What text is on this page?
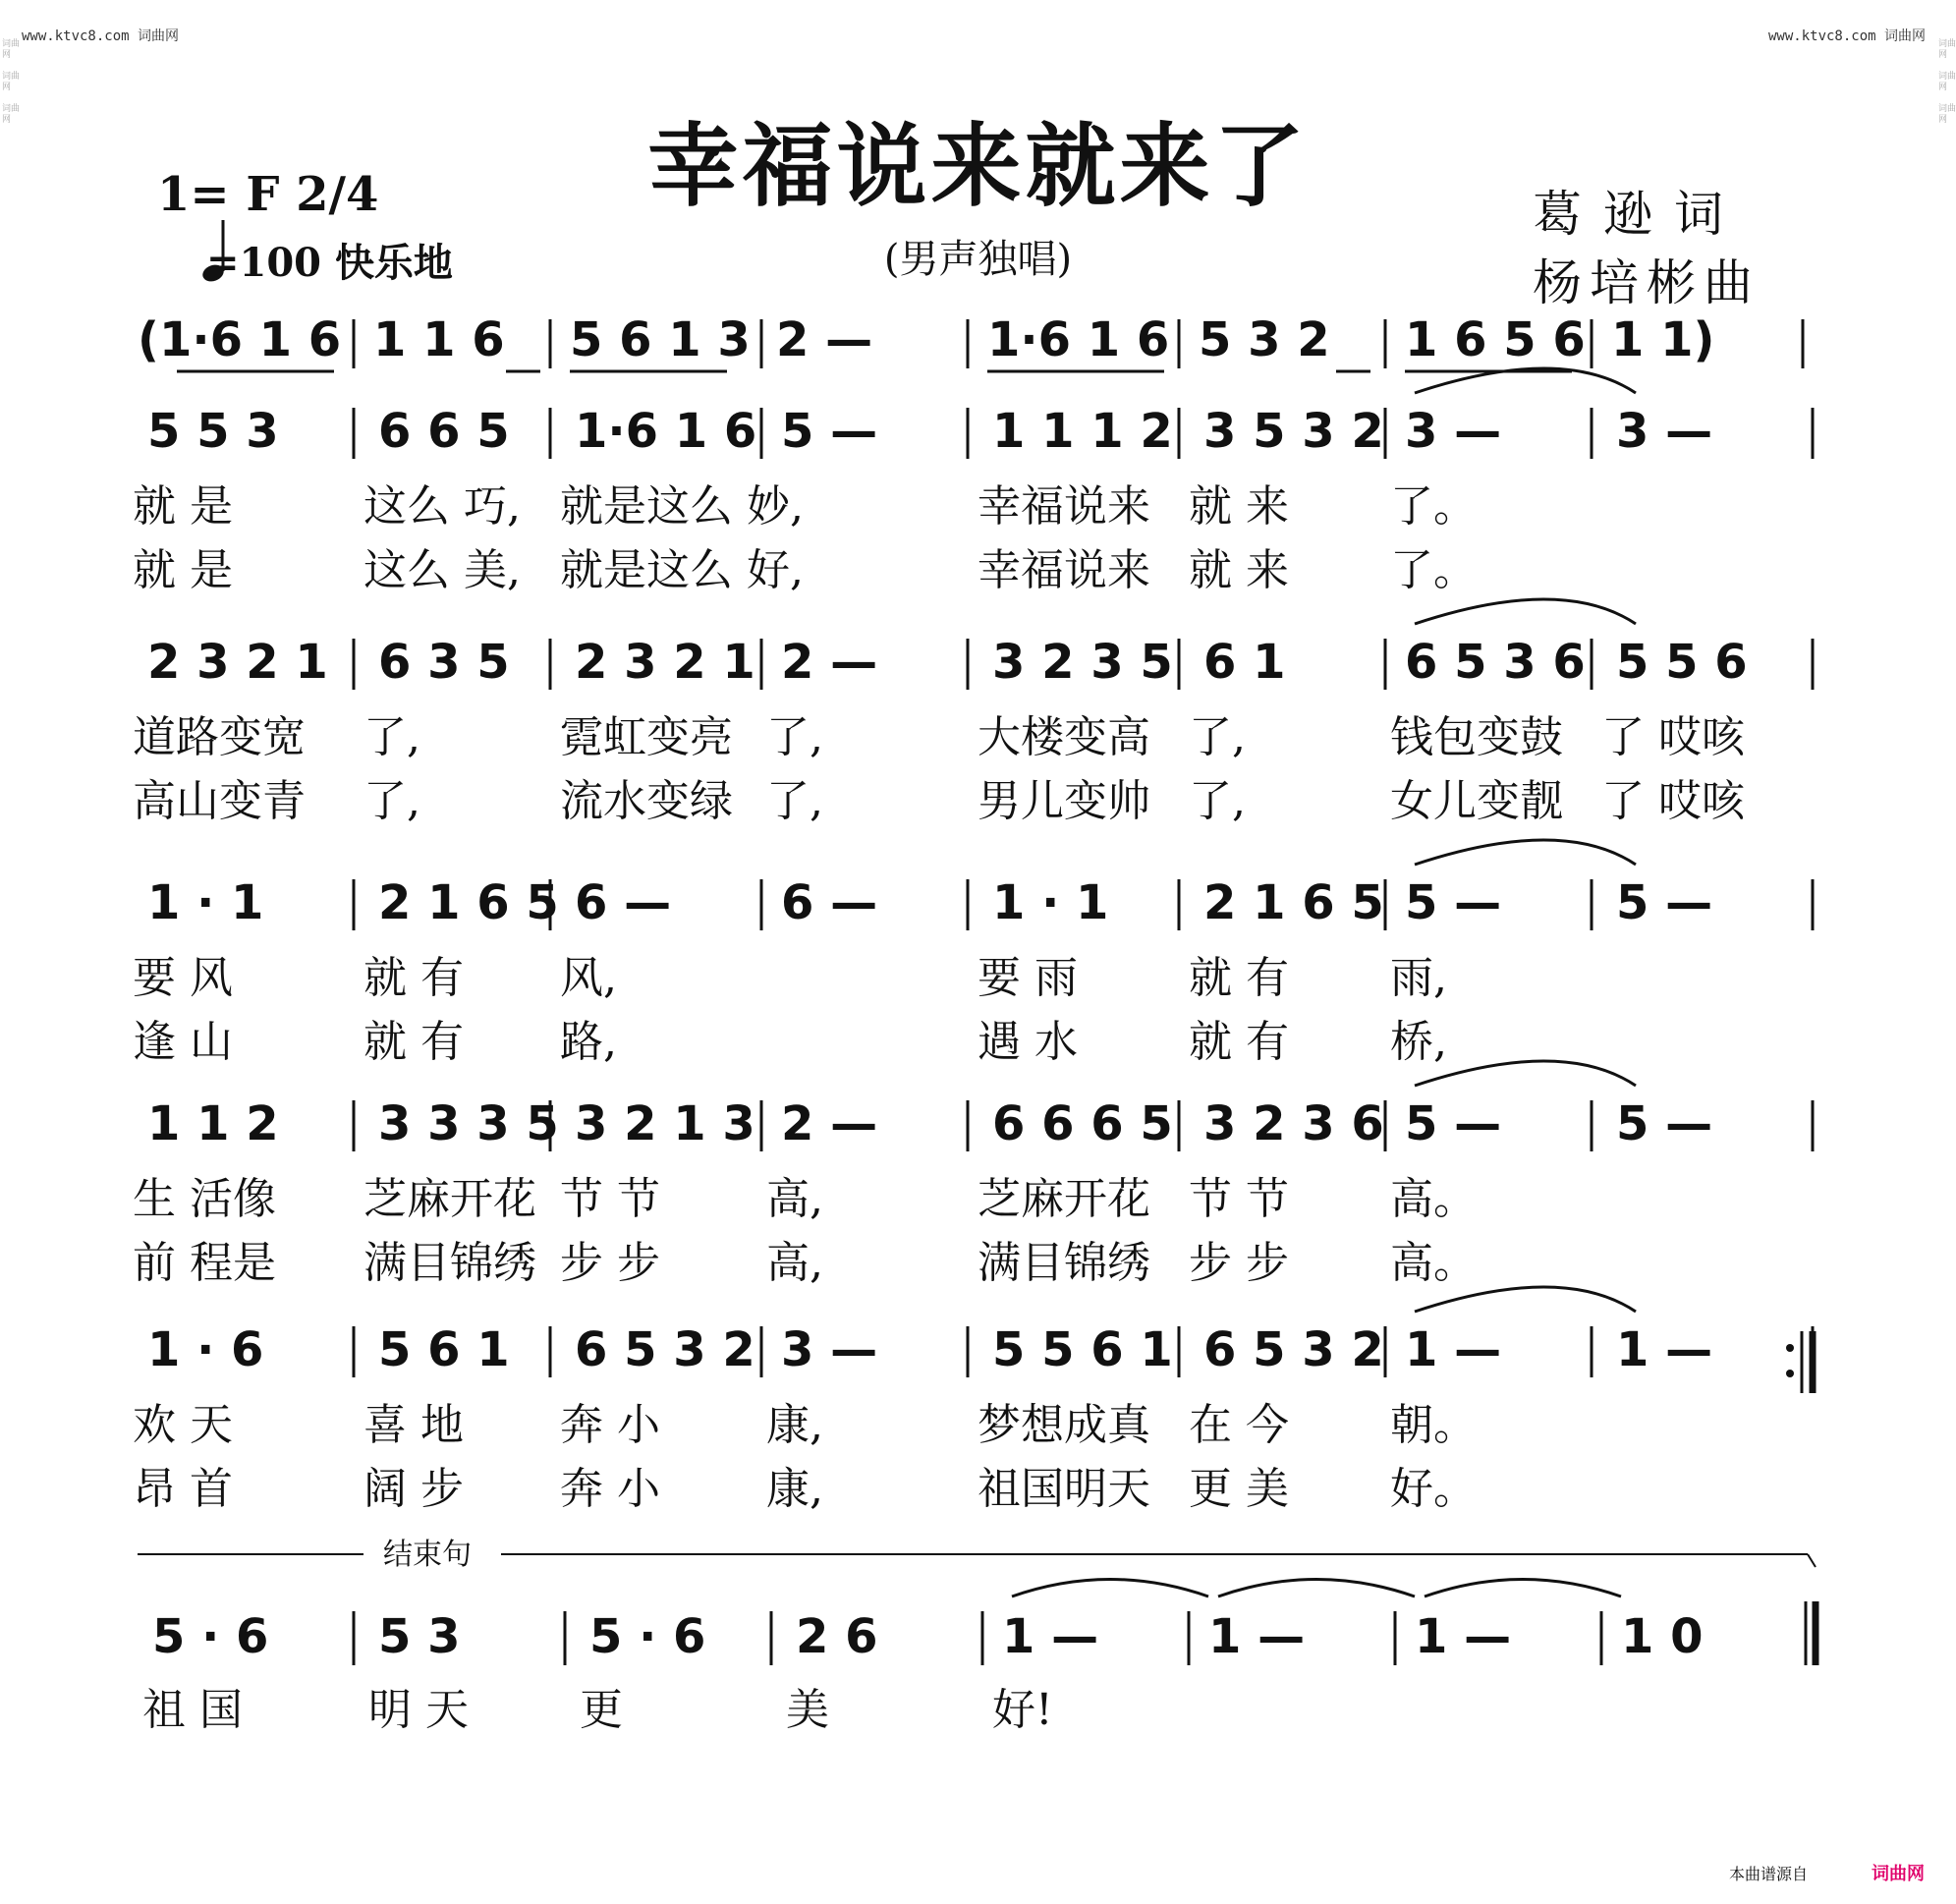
www.ktvc8.com 词曲网	www.ktvc8.com 词曲网
词曲网

词曲网

词曲网
词曲网

词曲网

词曲网
幸福说来就来了
1= F 2/4
=100 快乐地	(男声独唱)
葛逊词
杨培彬曲
(1·6 1 6 1 1 6 5 6 1 3 2 — 1·6 1 6 5 3 2 1 6 5 6 1 1)
5 5 3 6 6 5 1·6 1 6 5 — 1 1 1 2 3 5 3 2 3 — 3 —
就 是	这么 巧, 就是这么 妙,	幸福说来 就 来 了。
就 是	这么 美, 就是这么 好,	幸福说来 就 来 了。
2 3 2 1 6 3 5 2 3 2 1 2 — 3 2 3 5 6 1	6 5 3 6 5 5 6
道路变宽 了,	霓虹变亮 了,	大楼变高 了,	钱包变鼓 了 哎咳
高山变青 了,	流水变绿 了,	男儿变帅 了,	女儿变靓 了 哎咳
1 · 1 2 1 6 5 6 — 6 — 1 · 1 2 1 6 5 5 — 5 —
要 风	就 有 风,	要 雨	就 有 雨,
逢 山	就 有 路,	遇 水	就 有 桥,
1 1 2 3 3 3 5 3 2 1 3 2 — 6 6 6 5 3 2 3 6 5 — 5 —
生 活像 芝麻开花 节 节 高,	芝麻开花 节 节 高。
前 程是 满目锦绣 步 步 高,	满目锦绣 步 步 高。
1 · 6 5 6 1 6 5 3 2 3 — 5 5 6 1 6 5 3 2 1 — 1 —
欢 天	喜 地 奔 小 康,	梦想成真 在 今 朝。
昂 首	阔 步 奔 小 康,	祖国明天 更 美 好。
结束句
5 · 6 5 3	5 · 6 2 6	1 — 1 — 1 — 1 0
祖 国	明 天	更	美	好!
本曲谱源自	词曲网
